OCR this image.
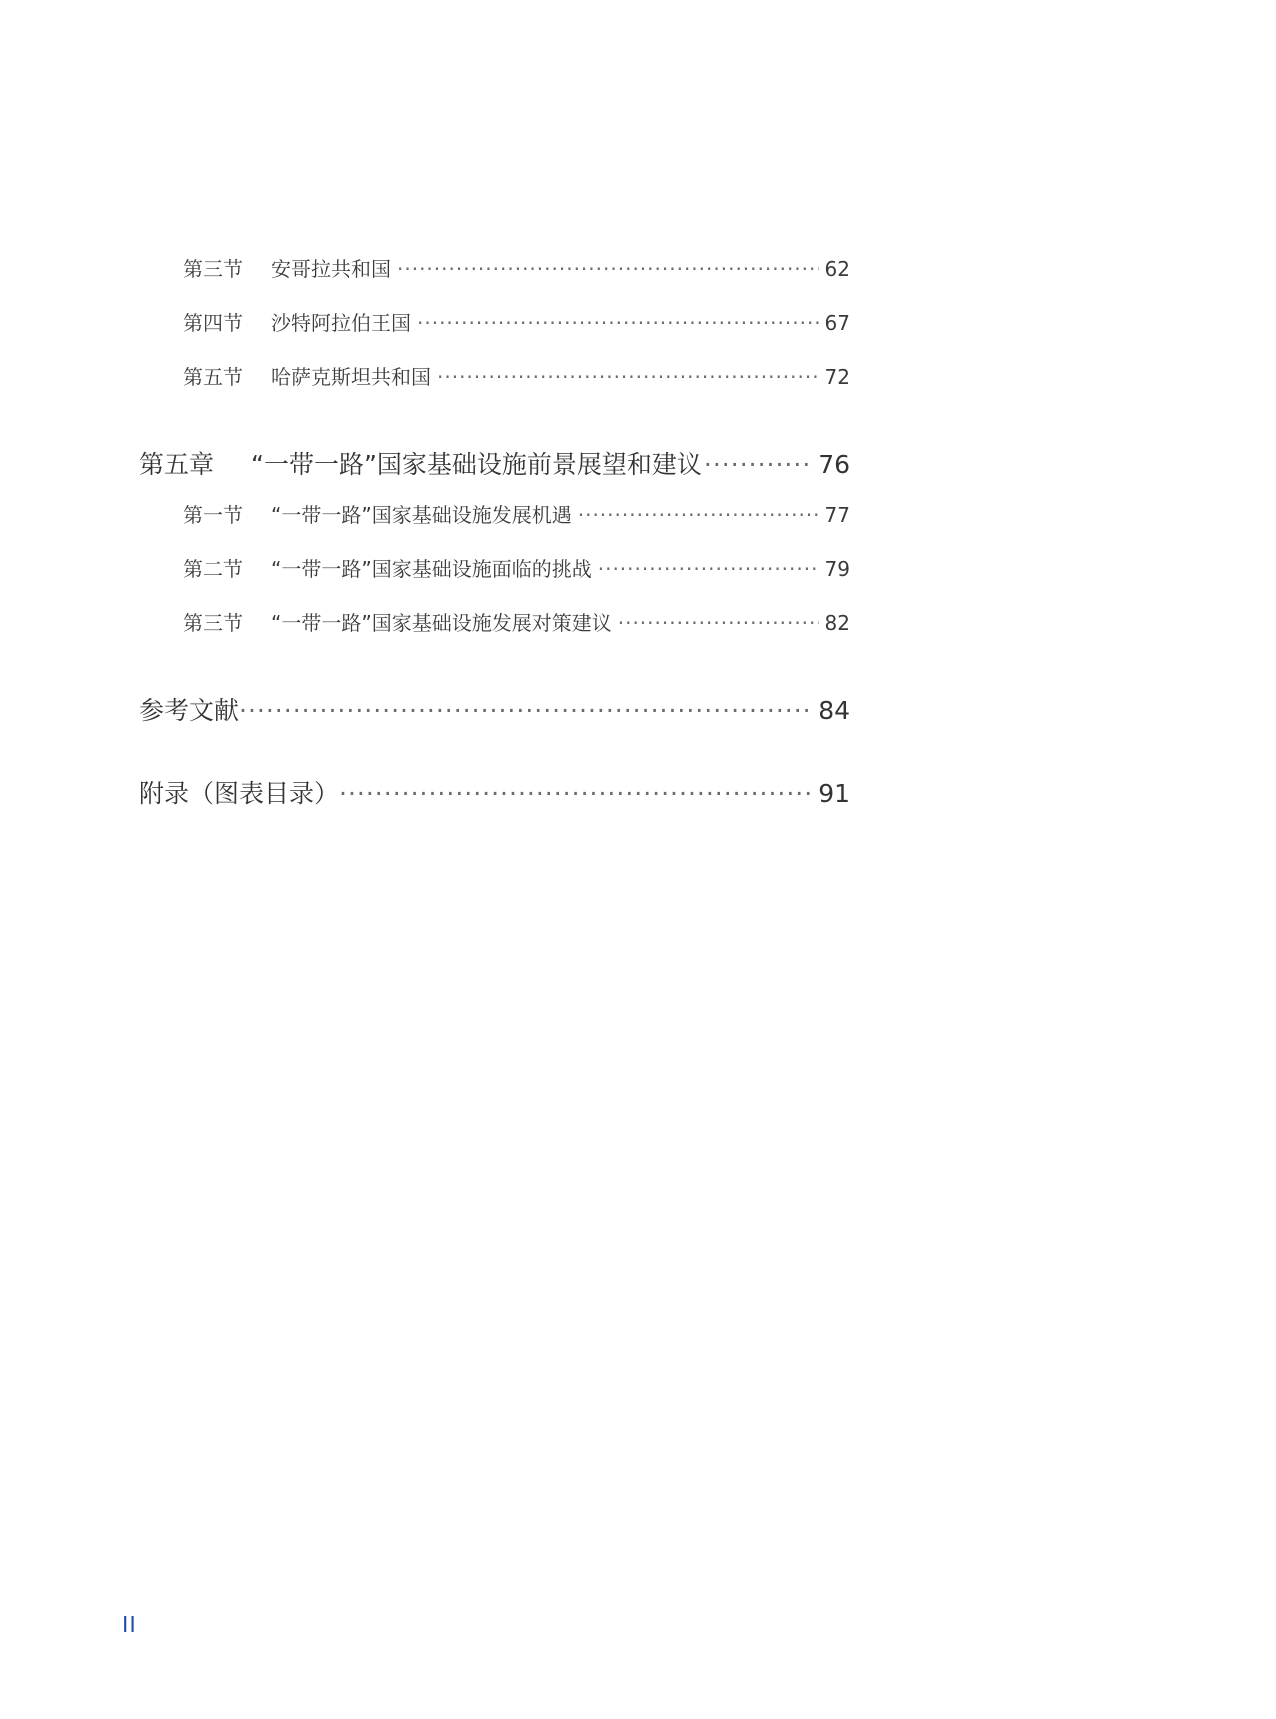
第三节	安哥拉共和国 ·····	62
第四节	沙特阿拉伯王国 ·····	67
第五节	哈萨克斯坦共和国 ·····	72
第五章	“一带一路”国家基础设施前景展望和建议 ·····	76
第一节	“一带一路”国家基础设施发展机遇 ·····	77
第二节	“一带一路”国家基础设施面临的挑战 ·····	79
第三节	“一带一路”国家基础设施发展对策建议 ·····	82
参考文献 ·····	84
附录（图表目录） ·····	91
II
